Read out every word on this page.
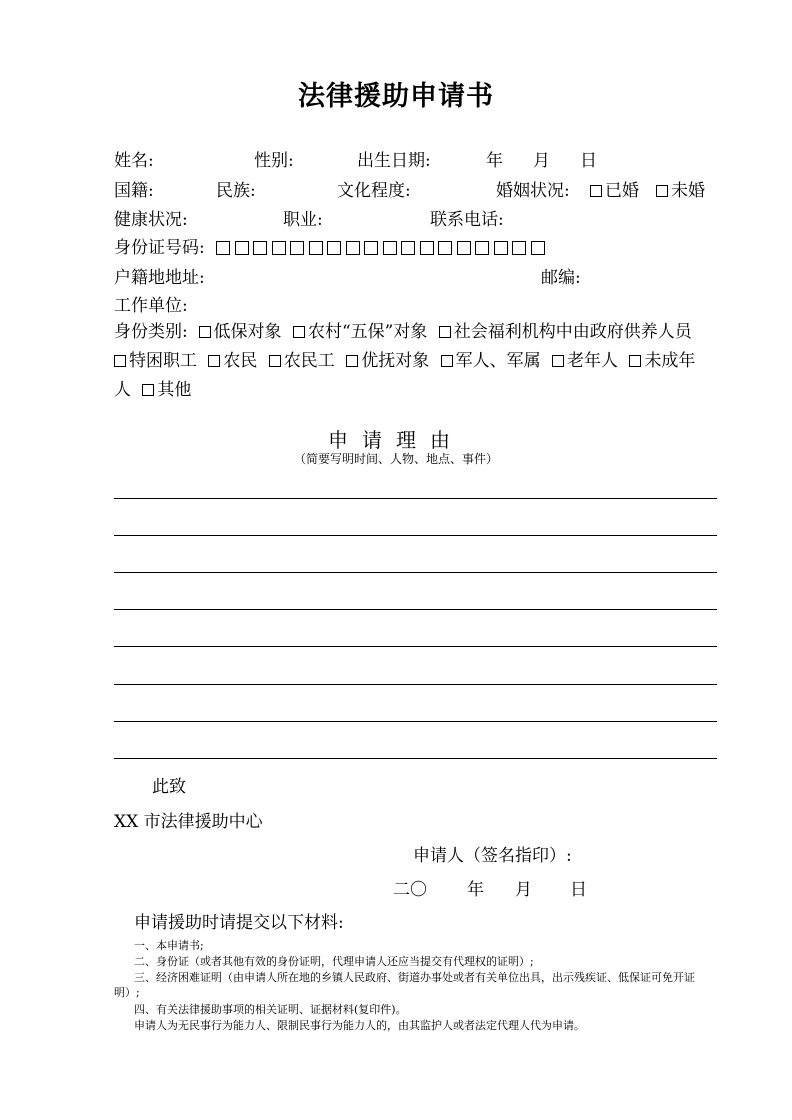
法律援助申请书
姓名:	性别:	出生日期:	年 月 日
国籍:	民族:	文化程度:	婚姻状况:	已婚	未婚
健康状况:	职业:	联系电话:
身份证号码:
户籍地地址:	邮编:
工作单位:
身份类别: 低保对象 农村“五保”对象 社会福利机构中由政府供养人员 特困职工 农民 农民工 优抚对象 军人、军属 老年人 未成年人 其他
申请理由
（简要写明时间、人物、地点、事件）
此致
XX 市法律援助中心
申请人（签名指印）:
二〇 年 月 日
申请援助时请提交以下材料:
一、本申请书;
二、身份证（或者其他有效的身份证明，代理申请人还应当提交有代理权的证明）;
三、经济困难证明（由申请人所在地的乡镇人民政府、街道办事处或者有关单位出具，出示残疾证、低保证可免开证明）;
四、有关法律援助事项的相关证明、证据材料(复印件)。
申请人为无民事行为能力人、限制民事行为能力人的，由其监护人或者法定代理人代为申请。
